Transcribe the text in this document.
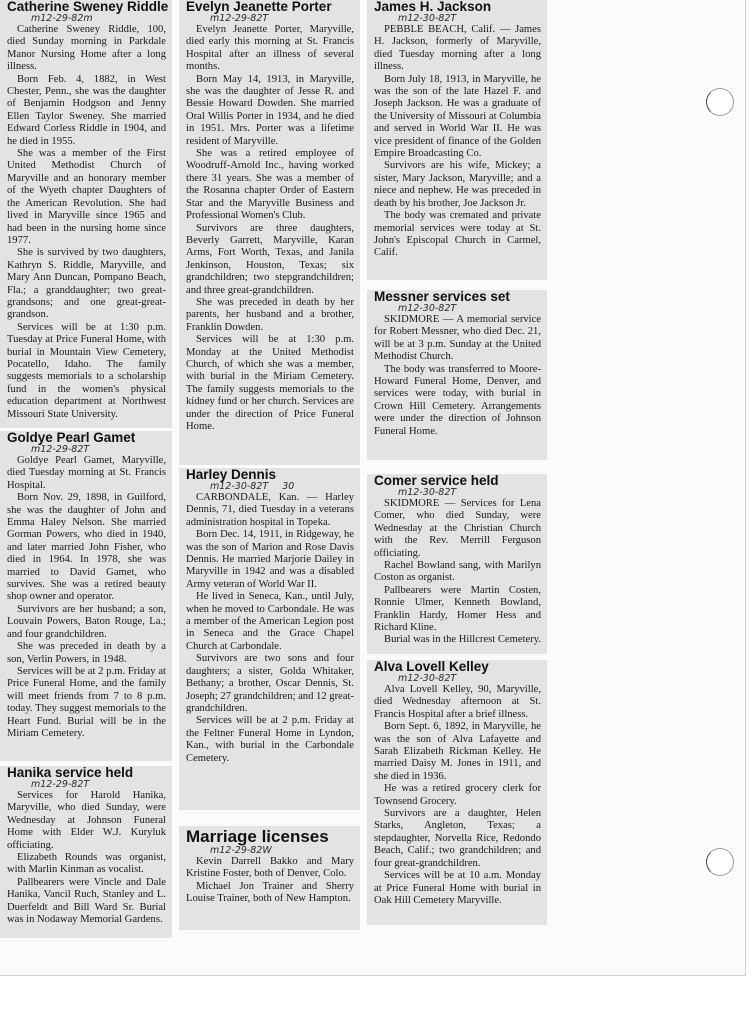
Catherine Sweney Riddle
m12-29-82m

Catherine Sweney Riddle, 100, died Sunday morning in Parkdale Manor Nursing Home after a long illness.

Born Feb. 4, 1882, in West Chester, Penn., she was the daughter of Benjamin Hodgson and Jenny Ellen Taylor Sweney. She married Edward Corless Riddle in 1904, and he died in 1955.

She was a member of the First United Methodist Church of Maryville and an honorary member of the Wyeth chapter Daughters of the American Revolution. She had lived in Maryville since 1965 and had been in the nursing home since 1977.

She is survived by two daughters, Kathryn S. Riddle, Maryville, and Mary Ann Duncan, Pompano Beach, Fla.; a granddaughter; two great-grandsons; and one great-great-grandson.

Services will be at 1:30 p.m. Tuesday at Price Funeral Home, with burial in Mountain View Cemetery, Pocatello, Idaho. The family suggests memorials to a scholarship fund in the women's physical education department at Northwest Missouri State University.

Goldye Pearl Gamet
m12-29-82T

Goldye Pearl Gamet, Maryville, died Tuesday morning at St. Francis Hospital.

Born Nov. 29, 1898, in Guilford, she was the daughter of John and Emma Haley Nelson. She married Gorman Powers, who died in 1940, and later married John Fisher, who died in 1964. In 1978, she was married to David Gamet, who survives. She was a retired beauty shop owner and operator.

Survivors are her husband; a son, Louvain Powers, Baton Rouge, La.; and four grandchildren.

She was preceded in death by a son, Verlin Powers, in 1948.

Services will be at 2 p.m. Friday at Price Funeral Home, and the family will meet friends from 7 to 8 p.m. today. They suggest memorials to the Heart Fund. Burial will be in the Miriam Cemetery.

Hanika service held
m12-29-82T

Services for Harold Hanika, Maryville, who died Sunday, were Wednesday at Johnson Funeral Home with Elder W.J. Kuryluk officiating.

Elizabeth Rounds was organist, with Marlin Kinman as vocalist.

Pallbearers were Vincle and Dale Hanika, Vancil Ruch, Stanley and L. Duerfeldt and Bill Ward Sr. Burial was in Nodaway Memorial Gardens.

Evelyn Jeanette Porter
m12-29-82T

Evelyn Jeanette Porter, Maryville, died early this morning at St. Francis Hospital after an illness of several months.

Born May 14, 1913, in Maryville, she was the daughter of Jesse R. and Bessie Howard Dowden. She married Oral Willis Porter in 1934, and he died in 1951. Mrs. Porter was a lifetime resident of Maryville.

She was a retired employee of Woodruff-Arnold Inc., having worked there 31 years. She was a member of the Rosanna chapter Order of Eastern Star and the Maryville Business and Professional Women's Club.

Survivors are three daughters, Beverly Garrett, Maryville, Karan Arms, Fort Worth, Texas, and Janila Jenkinson, Houston, Texas; six grandchildren; two stepgrandchildren; and three great-grandchildren.

She was preceded in death by her parents, her husband and a brother, Franklin Dowden.

Services will be at 1:30 p.m. Monday at the United Methodist Church, of which she was a member, with burial in the Miriam Cemetery. The family suggests memorials to the kidney fund or her church. Services are under the direction of Price Funeral Home.

Harley Dennis
m12-30-82T 30

CARBONDALE, Kan. — Harley Dennis, 71, died Tuesday in a veterans administration hospital in Topeka.

Born Dec. 14, 1911, in Ridgeway, he was the son of Marion and Rose Davis Dennis. He married Marjorie Dailey in Maryville in 1942 and was a disabled Army veteran of World War II.

He lived in Seneca, Kan., until July, when he moved to Carbondale. He was a member of the American Legion post in Seneca and the Grace Chapel Church at Carbondale.

Survivors are two sons and four daughters; a sister, Golda Whitaker, Bethany; a brother, Oscar Dennis, St. Joseph; 27 grandchildren; and 12 great-grandchildren.

Services will be at 2 p.m. Friday at the Feltner Funeral Home in Lyndon, Kan., with burial in the Carbondale Cemetery.

Marriage licenses
m12-29-82W

Kevin Darrell Bakko and Mary Kristine Foster, both of Denver, Colo.

Michael Jon Trainer and Sherry Louise Trainer, both of New Hampton.

James H. Jackson
m12-30-82T

PEBBLE BEACH, Calif. — James H. Jackson, formerly of Maryville, died Tuesday morning after a long illness.

Born July 18, 1913, in Maryville, he was the son of the late Hazel F. and Joseph Jackson. He was a graduate of the University of Missouri at Columbia and served in World War II. He was vice president of finance of the Golden Empire Broadcasting Co.

Survivors are his wife, Mickey; a sister, Mary Jackson, Maryville; and a niece and nephew. He was preceded in death by his brother, Joe Jackson Jr.

The body was cremated and private memorial services were today at St. John's Episcopal Church in Carmel, Calif.

Messner services set
m12-30-82T

SKIDMORE — A memorial service for Robert Messner, who died Dec. 21, will be at 3 p.m. Sunday at the United Methodist Church.

The body was transferred to Moore-Howard Funeral Home, Denver, and services were today, with burial in Crown Hill Cemetery. Arrangements were under the direction of Johnson Funeral Home.

Comer service held
m12-30-82T

SKIDMORE — Services for Lena Comer, who died Sunday, were Wednesday at the Christian Church with the Rev. Merrill Ferguson officiating.

Rachel Bowland sang, with Marilyn Coston as organist.

Pallbearers were Martin Costen, Ronnie Ulmer, Kenneth Bowland, Franklin Hardy, Homer Hess and Richard Kline.

Burial was in the Hillcrest Cemetery.

Alva Lovell Kelley
m12-30-82T

Alva Lovell Kelley, 90, Maryville, died Wednesday afternoon at St. Francis Hospital after a brief illness.

Born Sept. 6, 1892, in Maryville, he was the son of Alva Lafayette and Sarah Elizabeth Rickman Kelley. He married Daisy M. Jones in 1911, and she died in 1936.

He was a retired grocery clerk for Townsend Grocery.

Survivors are a daughter, Helen Starks, Angleton, Texas; a stepdaughter, Norvella Rice, Redondo Beach, Calif.; two grandchildren; and four great-grandchildren.

Services will be at 10 a.m. Monday at Price Funeral Home with burial in Oak Hill Cemetery Maryville.
